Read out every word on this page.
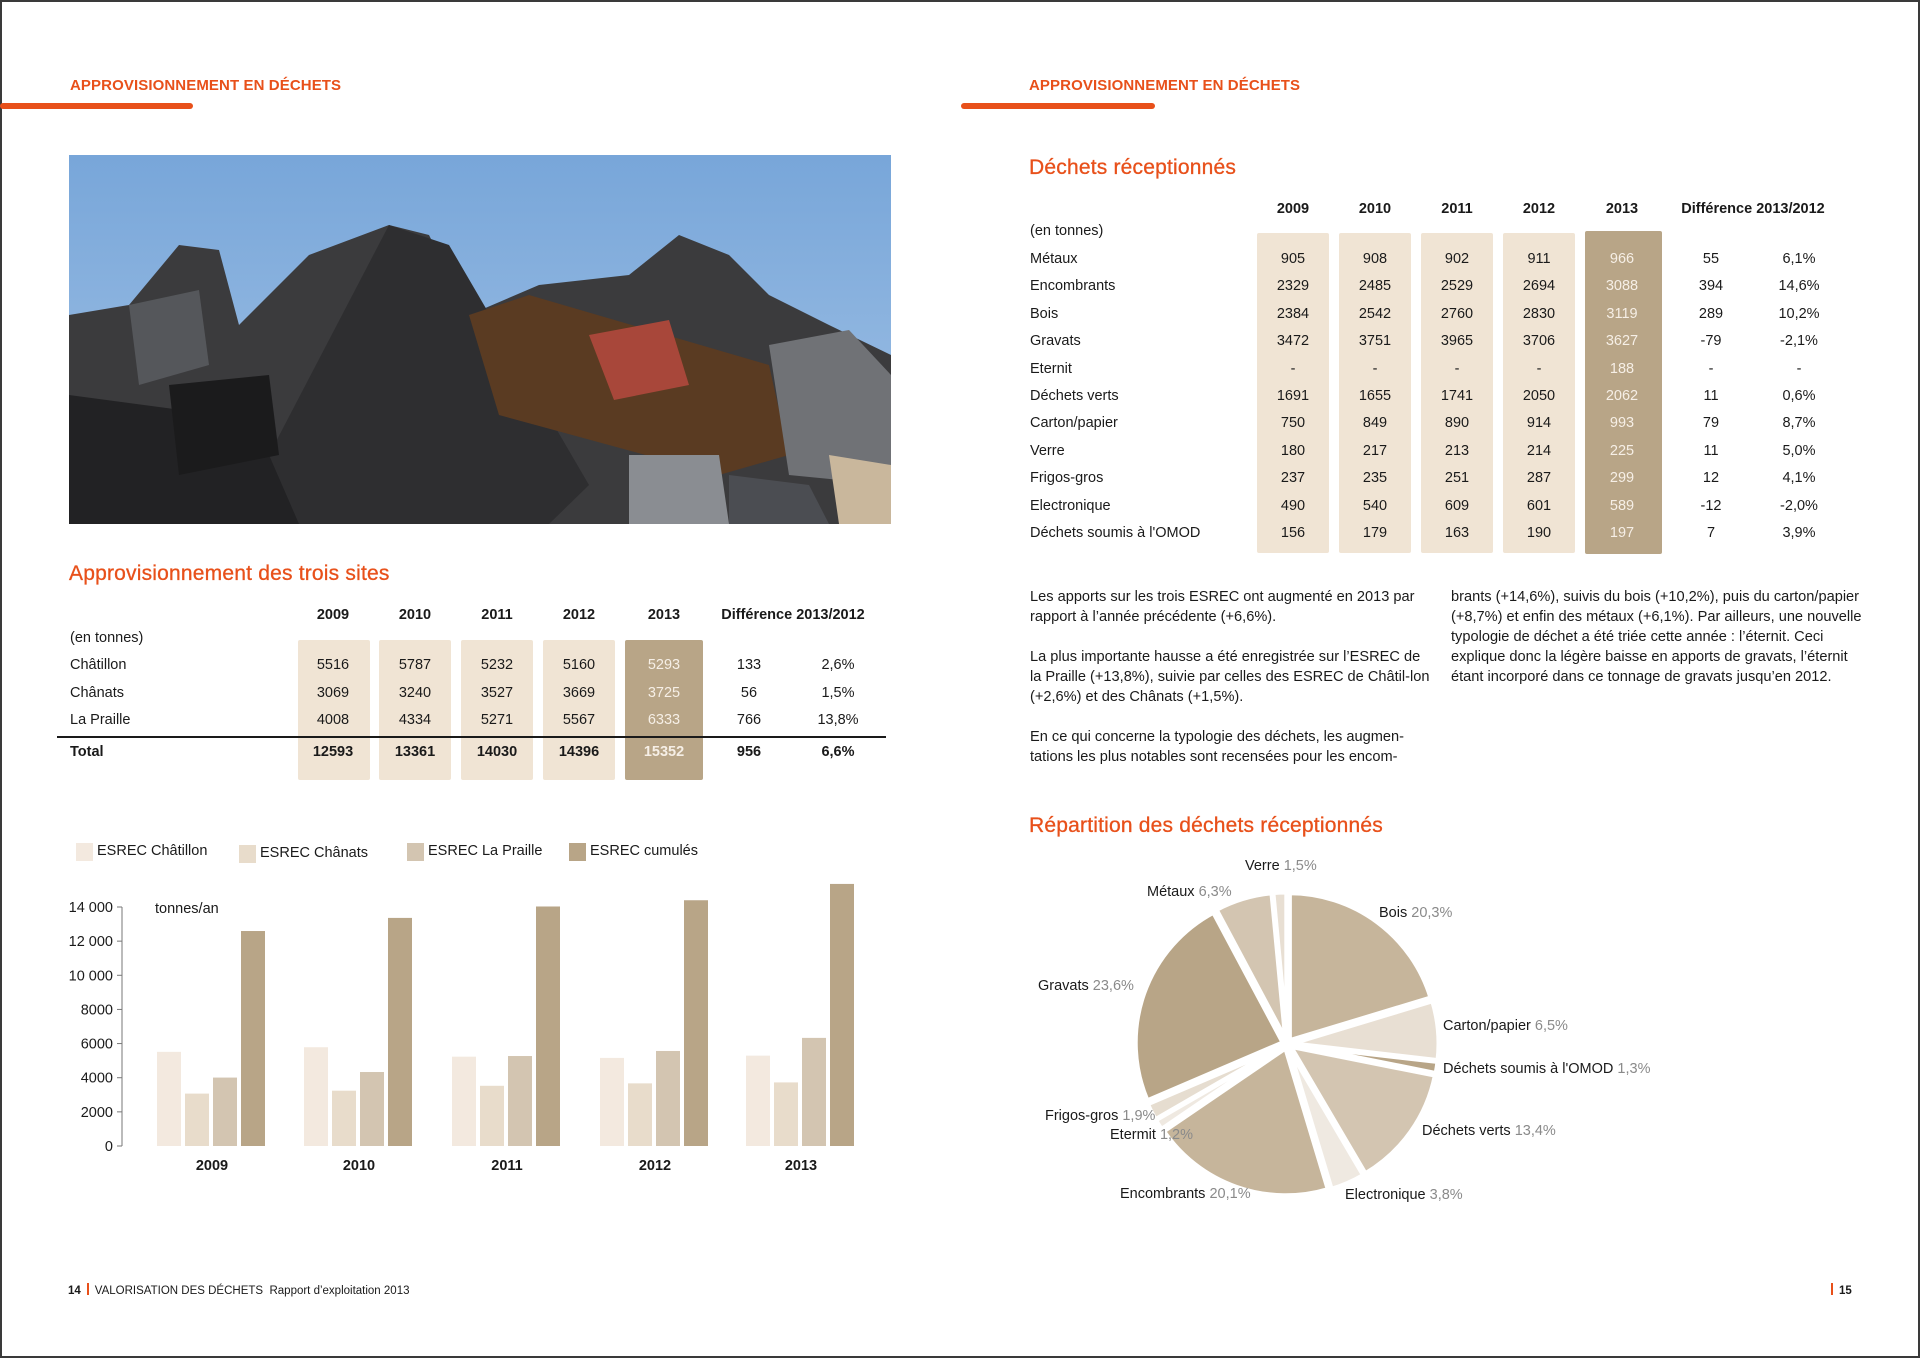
APPROVISIONNEMENT EN DÉCHETS
Approvisionnement des trois sites
2009	2010	2011	2012	2013	Différence 2013/2012
(en tonnes)
Châtillon	5516	5787	5232	5160	5293	133	2,6%
Chânats	3069	3240	3527	3669	3725	56	1,5%
La Praille	4008	4334	5271	5567	6333	766	13,8%
Total	12593	13361	14030	14396	15352	956	6,6%
ESREC Châtillon	ESREC Chânats	ESREC La Praille	ESREC cumulés
0
2000
4000
6000
8000
10 000
12 000
14 000	tonnes/an
2009	2010	2011	2012	2013
14 VALORISATION DES DÉCHETS Rapport d’exploitation 2013
APPROVISIONNEMENT EN DÉCHETS
Déchets réceptionnés
2009	2010	2011	2012	2013	Différence 2013/2012
(en tonnes)
Métaux	905	908	902	911	966	55	6,1%
Encombrants	2329	2485	2529	2694	3088	394	14,6%
Bois	2384	2542	2760	2830	3119	289	10,2%
Gravats	3472	3751	3965	3706	3627	-79	-2,1%
Eternit	-	-	-	-	188	-	-
Déchets verts	1691	1655	1741	2050	2062	11	0,6%
Carton/papier	750	849	890	914	993	79	8,7%
Verre	180	217	213	214	225	11	5,0%
Frigos-gros	237	235	251	287	299	12	4,1%
Electronique	490	540	609	601	589	-12	-2,0%
Déchets soumis à l'OMOD	156	179	163	190	197	7	3,9%

Les apports sur les trois ESREC ont augmenté en 2013 par rapport à l’année précédente (+6,6%).

La plus importante hausse a été enregistrée sur l’ESREC de la Praille (+13,8%), suivie par celles des ESREC de Châtil-lon (+2,6%) et des Chânats (+1,5%).

En ce qui concerne la typologie des déchets, les augmen-tations les plus notables sont recensées pour les encom-

brants (+14,6%), suivis du bois (+10,2%), puis du carton/papier (+8,7%) et enfin des métaux (+6,1%). Par ailleurs, une nouvelle typologie de déchet a été triée cette année : l’éternit. Ceci explique donc la légère baisse en apports de gravats, l’éternit étant incorporé dans ce tonnage de gravats jusqu’en 2012.

Répartition des déchets réceptionnés
Bois 20,3%
Carton/papier 6,5%
Déchets soumis à l'OMOD 1,3%
Déchets verts 13,4%
Electronique 3,8%
Encombrants 20,1%
Etermit 1,2%
Frigos-gros 1,9%
Gravats 23,6%
Métaux 6,3%
Verre 1,5%
15
